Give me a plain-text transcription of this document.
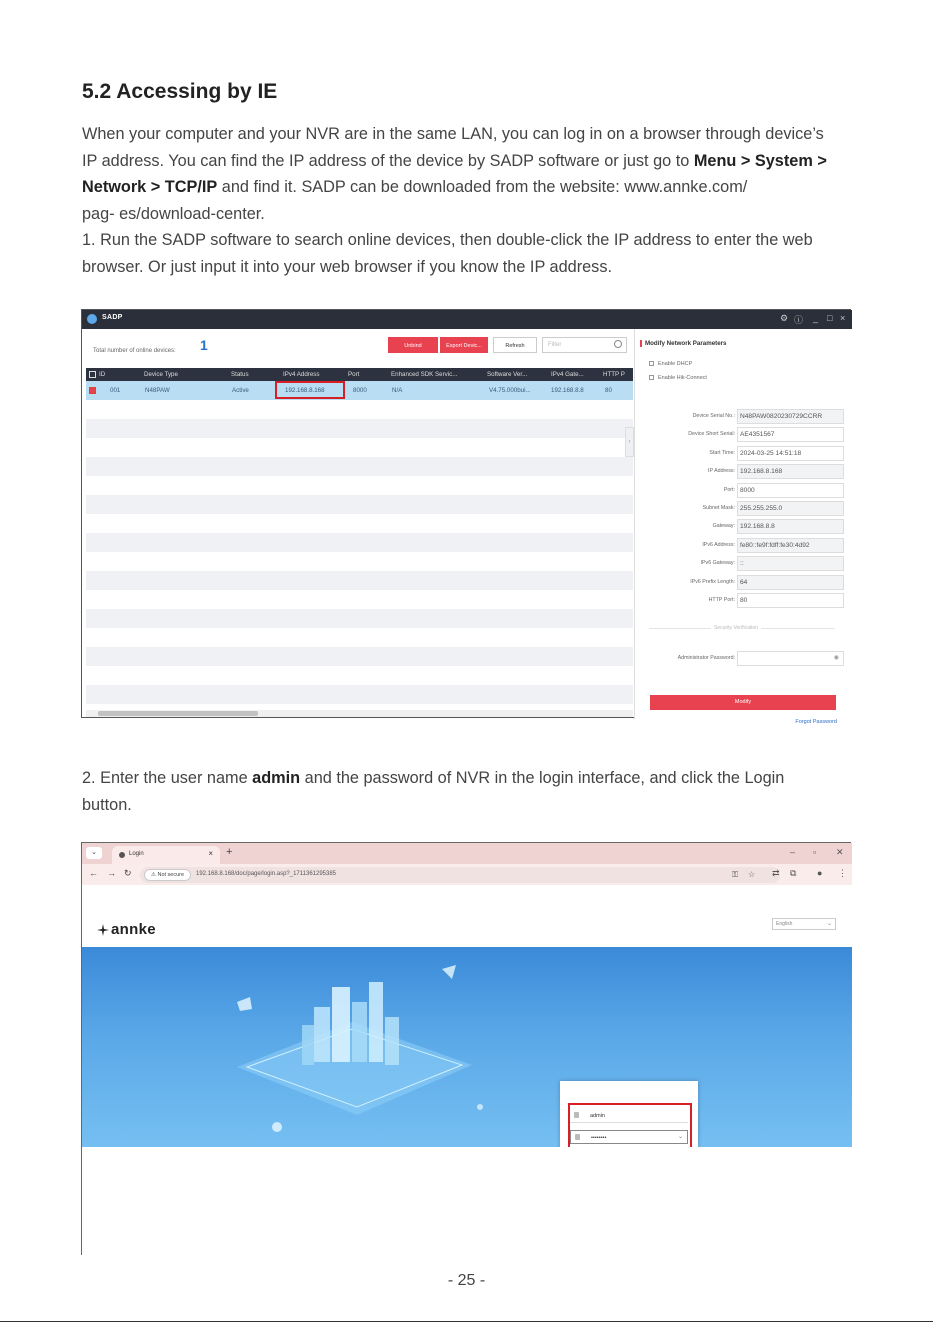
5.2 Accessing by IE
When your computer and your NVR are in the same LAN, you can log in on a browser through device’s
IP address. You can find the IP address of the device by SADP software or just go to Menu > System >
Network > TCP/IP and find it. SADP can be downloaded from the website: www.annke.com/
pag- es/download-center.
1. Run the SADP software to search online devices, then double-click the IP address to enter the web
browser. Or just input it into your web browser if you know the IP address.
SADP	⚙ ⓘ _ □ ×
Total number of online devices: 1	Unbind	Export Devic...	Refresh	Filter
ID	Device Type	Status	IPv4 Address	Port	Enhanced SDK Servic...	Software Ver...	IPv4 Gate...	HTTP P
001	N48PAW	Active	192.168.8.168	8000	N/A	V4.75.000bui...	192.168.8.8	80
›
Modify Network Parameters
Enable DHCP
Enable Hik-Connect
Device Serial No.: N48PAW0820230729CCRR
Device Short Serial: AE4351567
Start Time: 2024-03-25 14:51:18
IP Address: 192.168.8.168
Port: 8000
Subnet Mask: 255.255.255.0
Gateway: 192.168.8.8
IPv6 Address: fe80::fe9f:fdff:fe30:4d92
IPv6 Gateway: ::
IPv6 Prefix Length: 64
HTTP Port: 80
Security Verification
Administrator Password:	◉
Modify
Forgot Password
2. Enter the user name admin and the password of NVR in the login interface, and click the Login
button.
⌄	Login	× +	– ▫ ✕
← → ↻	⚠ Not secure	192.168.8.168/doc/page/login.asp?_1711361295385	⚿ ☆ ⇄ ⧉ ● ⋮
annke	English	⌄
admin
••••••••	⌄
- 25 -
